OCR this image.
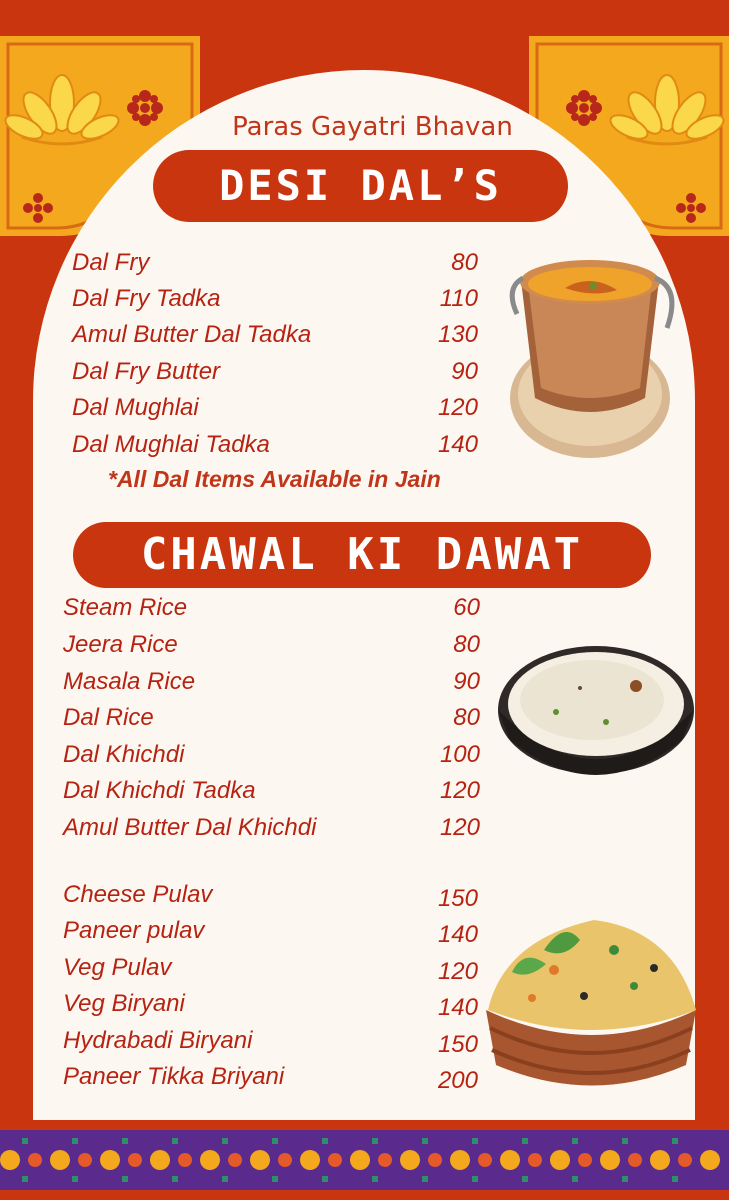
Paras Gayatri Bhavan
DESI DAL’S
Dal Fry	80
Dal Fry Tadka	110
Amul Butter Dal Tadka	130
Dal Fry Butter	90
Dal Mughlai	120
Dal Mughlai Tadka	140
*All Dal Items Available in Jain
CHAWAL KI DAWAT
Steam Rice	60
Jeera Rice	80
Masala Rice	90
Dal Rice	80
Dal Khichdi	100
Dal Khichdi Tadka	120
Amul Butter Dal Khichdi	120
Cheese Pulav	150
Paneer pulav	140
Veg Pulav	120
Veg Biryani	140
Hydrabadi Biryani	150
Paneer Tikka Briyani	200
